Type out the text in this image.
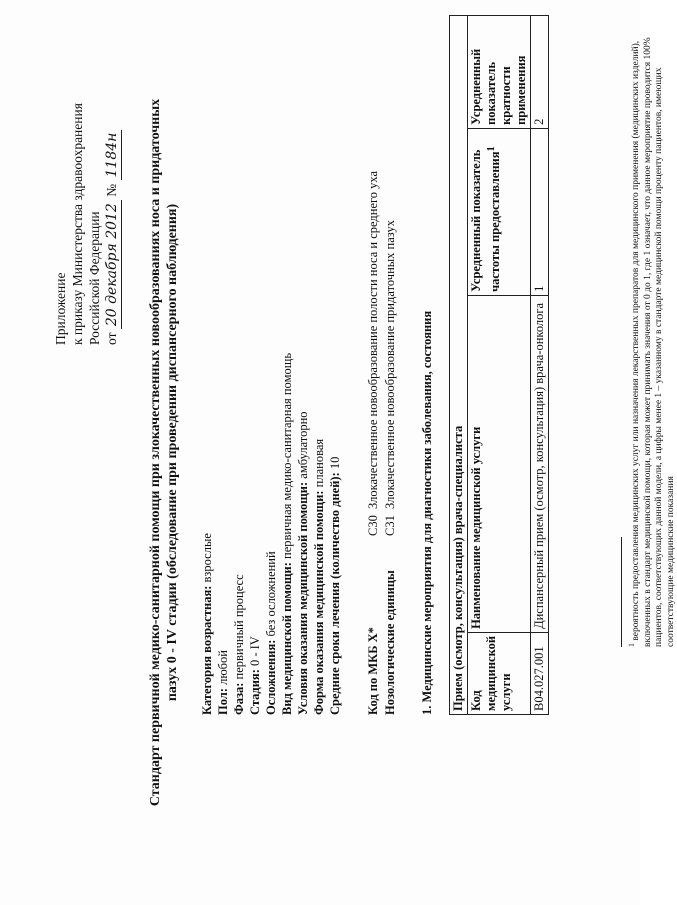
Приложение к приказу Министерства здравоохранения Российской Федерации от 20 декабря 2012 № 1184н Стандарт первичной медико-санитарной помощи при злокачественных новообразованиях носа и придаточных пазух 0 - IV стадии (обследование при проведении диспансерного наблюдения) Категория возрастная: взрослые
Пол: любой
Фаза: первичный процесс
Стадия: 0 - IV Осложнения: без осложнений Вид медицинской помощи: первичная медико-санитарная помощь
Условия оказания медицинской помощи: амбулаторно
Форма оказания медицинской помощи: плановая
Средние сроки лечения (количество дней): 10
Код по МКБ X* Нозологические единицы
C30
Злокачественное новообразование полости носа и среднего уха
C31
Злокачественное новообразование придаточных пазух 1. Медицинские мероприятия для диагностики заболевания, состояния Прием (осмотр, консультация) врача-специалиста			
Код медицинской услуги	Наименование медицинской услуги	Усредненный показатель частоты предоставления$^1$	Усредненный показатель кратности применения
B04.027.001	Диспансерный прием (осмотр, консультация) врача-онколога	1	2
$^1$ вероятность предоставления медицинских услуг или назначения лекарственных препаратов для медицинского применения (медицинских изделий), включенных в стандарт медицинской помощи, которая может принимать значения от 0 до 1, где 1 означает, что данное мероприятие проводится 100% пациентов, соответствующих данной модели, а цифры менее 1 – указанному в стандарте медицинской помощи проценту пациентов, имеющих соответствующие медицинские показания
